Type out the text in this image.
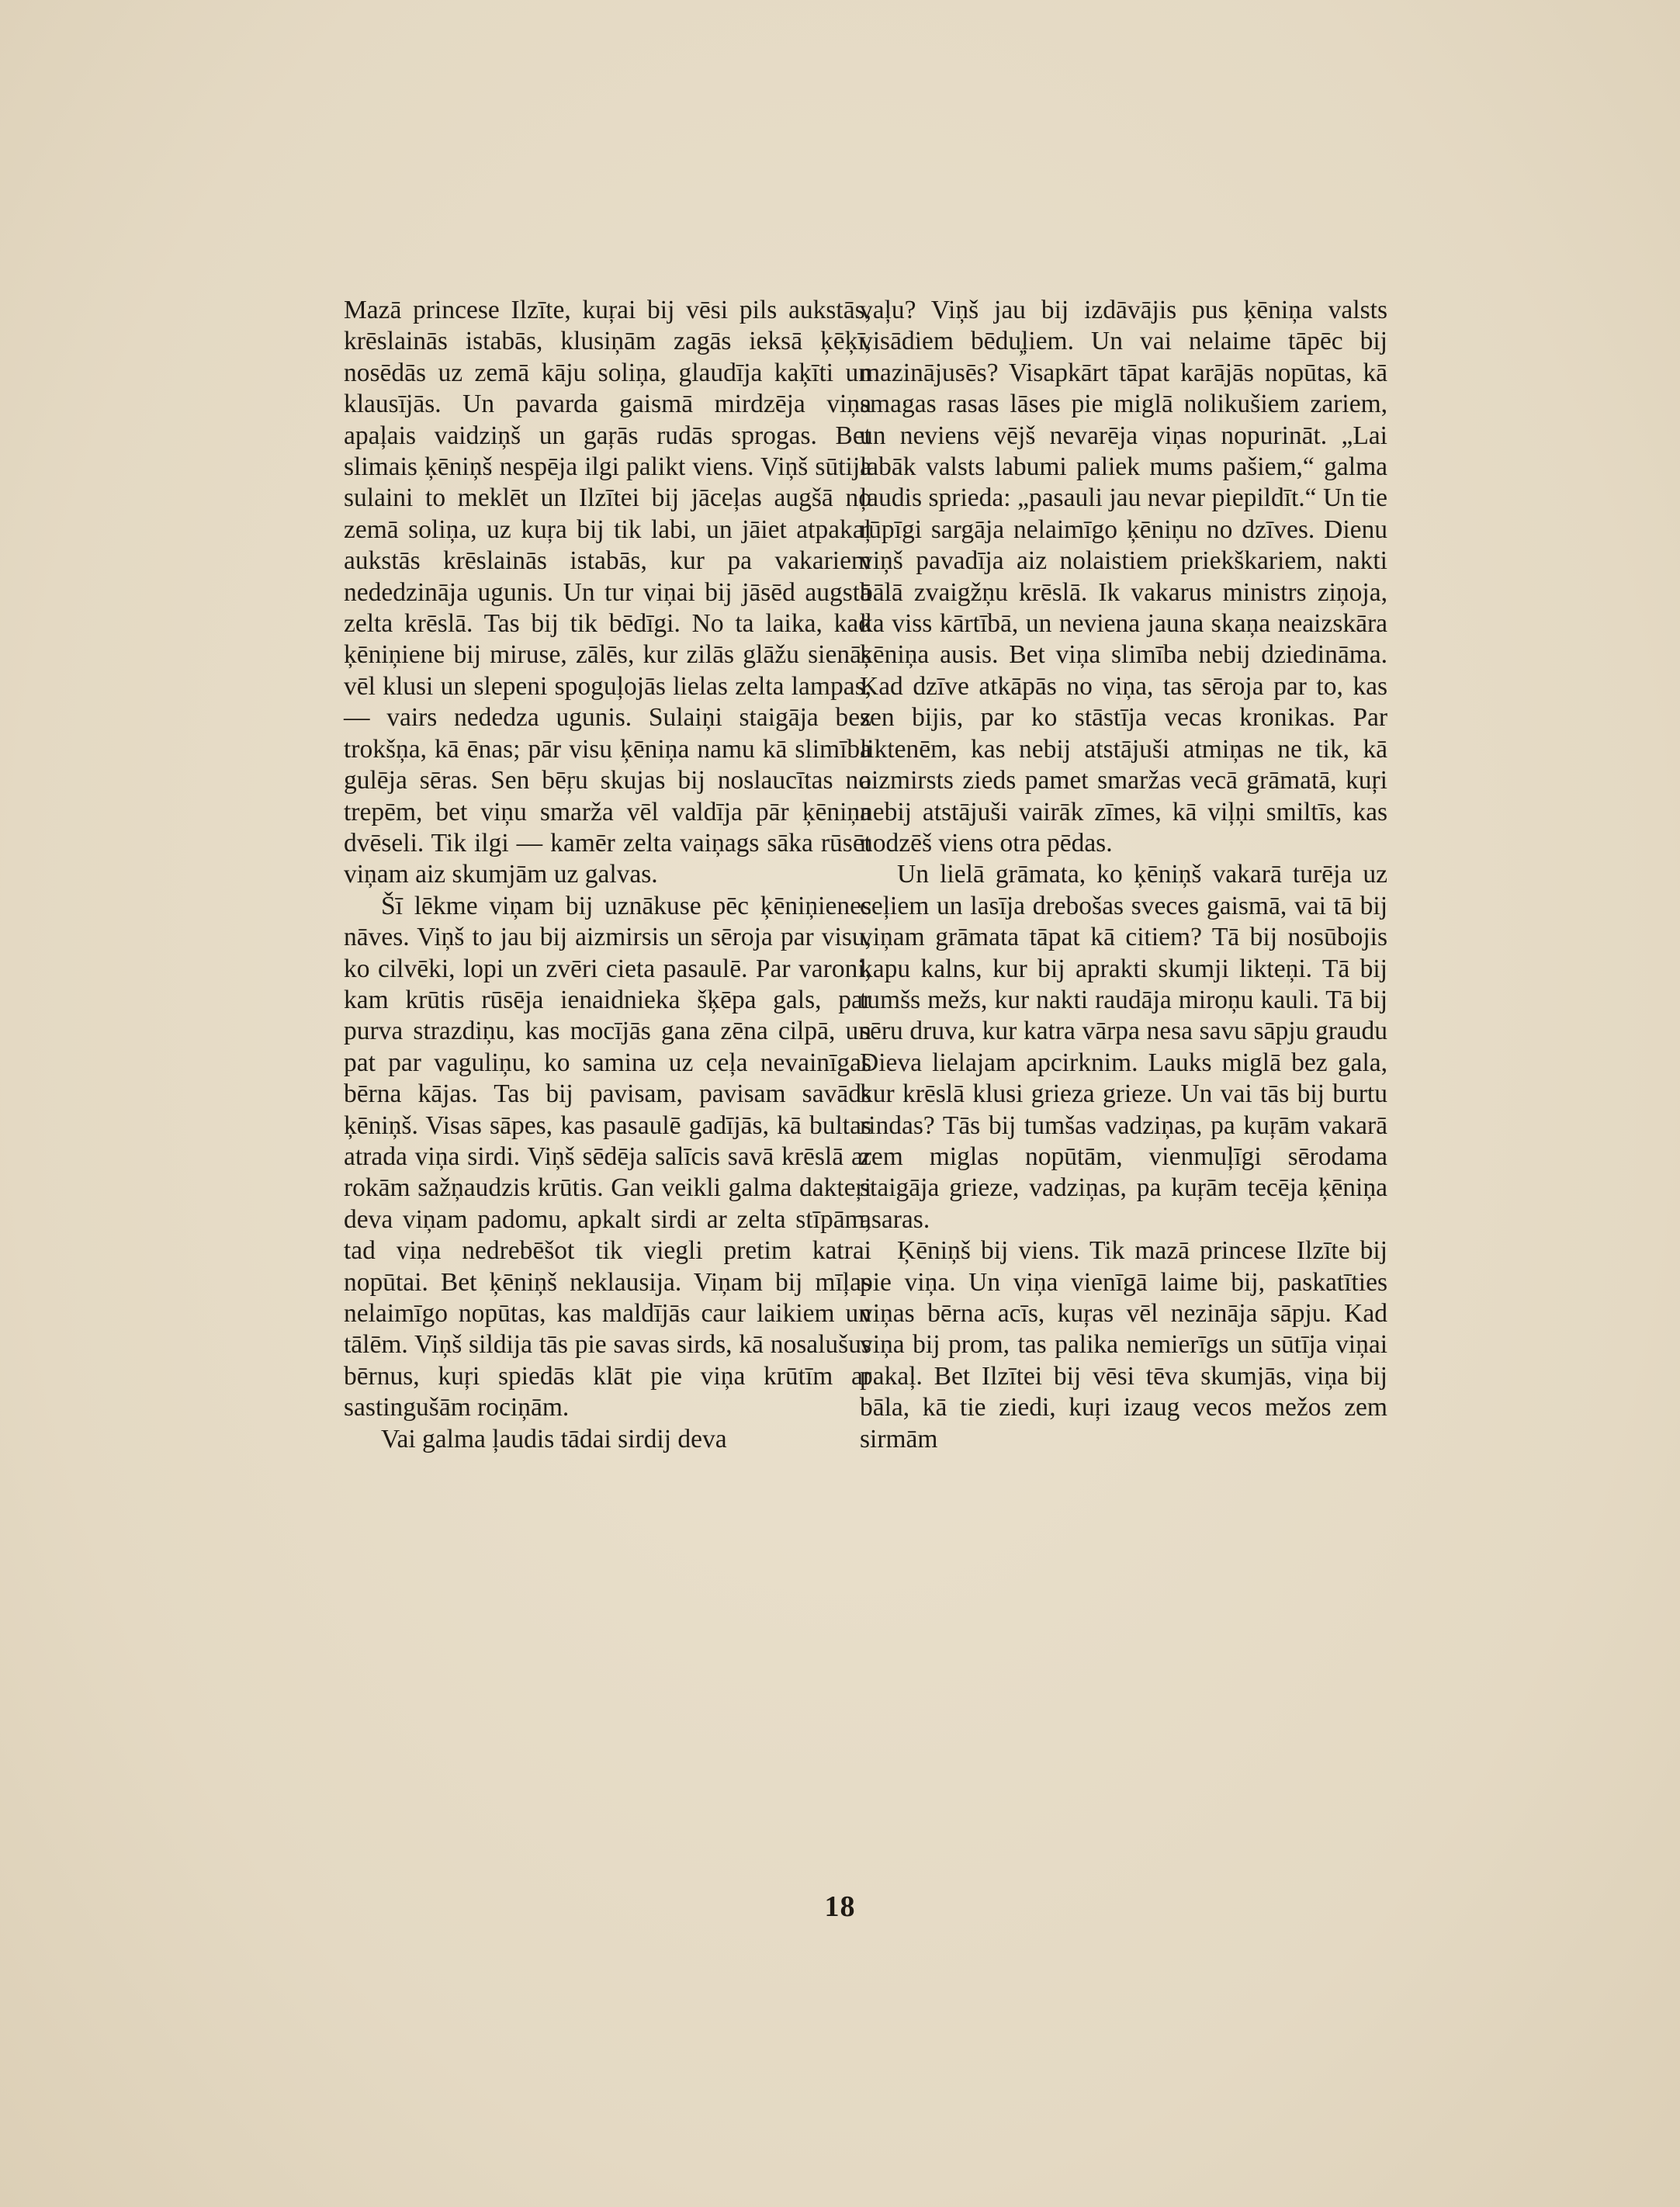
Mazā princese Ilzīte, kuŗai bij vēsi pils aukstās, krēslainās istabās, klusiņām zagās ieksā ķēķī, nosēdās uz zemā kāju soliņa, glaudīja kaķīti un klausījās. Un pavarda gaismā mirdzēja viņa apaļais vaidziņš un gaŗās rudās sprogas. Bet slimais ķēniņš nespēja ilgi palikt viens. Viņš sūtija sulaini to meklēt un Ilzītei bij jāceļas augšā no zemā soliņa, uz kuŗa bij tik labi, un jāiet atpakaļ aukstās krēslainās istabās, kur pa vakariem nededzināja ugunis. Un tur viņai bij jāsēd augstā zelta krēslā. Tas bij tik bēdīgi. No ta laika, kad ķēniņiene bij miruse, zālēs, kur zilās glāžu sienās vēl klusi un slepeni spoguļojās lielas zelta lampas, — vairs nededza ugunis. Sulaiņi staigāja bez trokšņa, kā ēnas; pār visu ķēniņa namu kā slimība gulēja sēras. Sen bēŗu skujas bij noslaucītas no trepēm, bet viņu smarža vēl valdīja pār ķēniņa dvēseli. Tik ilgi — kamēr zelta vaiņags sāka rūsēt viņam aiz skumjām uz galvas.

Šī lēkme viņam bij uznākuse pēc ķēniņienes nāves. Viņš to jau bij aizmirsis un sēroja par visu, ko cilvēki, lopi un zvēri cieta pasaulē. Par varoni, kam krūtis rūsēja ienaidnieka šķēpa gals, par purva strazdiņu, kas mocījās gana zēna cilpā, un pat par vaguliņu, ko samina uz ceļa nevainīgas bērna kājas. Tas bij pavisam, pavisam savāds ķēniņš. Visas sāpes, kas pasaulē gadījās, kā bultas atrada viņa sirdi. Viņš sēdēja salīcis savā krēslā ar rokām sažņaudzis krūtis. Gan veikli galma dakteŗi deva viņam padomu, apkalt sirdi ar zelta stīpām, tad viņa nedrebēšot tik viegli pretim katrai nopūtai. Bet ķēniņš neklausija. Viņam bij mīļas nelaimīgo nopūtas, kas maldījās caur laikiem un tālēm. Viņš sildija tās pie savas sirds, kā nosalušus bērnus, kuŗi spiedās klāt pie viņa krūtīm ar sastingušām rociņām.

Vai galma ļaudis tādai sirdij deva

vaļu? Viņš jau bij izdāvājis pus ķēniņa valsts visādiem bēdu̦ļiem. Un vai nelaime tāpēc bij mazinājusēs? Visapkārt tāpat karājās nopūtas, kā smagas rasas lāses pie miglā nolikušiem zariem, un neviens vējš nevarēja viņas nopurināt. „Lai labāk valsts labumi paliek mums pašiem,“ galma ļaudis sprieda: „pasauli jau nevar piepildīt.“ Un tie rūpīgi sargāja nelaimīgo ķēniņu no dzīves. Dienu viņš pavadīja aiz nolaistiem priekškariem, nakti bālā zvaigžņu krēslā. Ik vakarus ministrs ziņoja, ka viss kārtībā, un neviena jauna skaņa neaizskāra ķēniņa ausis. Bet viņa slimība nebij dziedināma. Kad dzīve atkāpās no viņa, tas sēroja par to, kas sen bijis, par ko stāstīja vecas kronikas. Par liktenēm, kas nebij atstājuši atmiņas ne tik, kā aizmirsts zieds pamet smaržas vecā grāmatā, kuŗi nebij atstājuši vairāk zīmes, kā viļņi smiltīs, kas nodzēš viens otra pēdas.

Un lielā grāmata, ko ķēniņš vakarā turēja uz ceļiem un lasīja drebošas sveces gaismā, vai tā bij viņam grāmata tāpat kā citiem? Tā bij nosūbojis kapu kalns, kur bij aprakti skumji likteņi. Tā bij tumšs mežs, kur nakti raudāja miroņu kauli. Tā bij sēru druva, kur katra vārpa nesa savu sāpju graudu Dieva lielajam apcirknim. Lauks miglā bez gala, kur krēslā klusi grieza grieze. Un vai tās bij burtu rindas? Tās bij tumšas vadziņas, pa kuŗām vakarā zem miglas nopūtām, vienmuļīgi sērodama staigāja grieze, vadziņas, pa kuŗām tecēja ķēniņa asaras.

Ķēniņš bij viens. Tik mazā princese Ilzīte bij pie viņa. Un viņa vienīgā laime bij, paskatīties viņas bērna acīs, kuŗas vēl nezināja sāpju. Kad viņa bij prom, tas palika nemierīgs un sūtīja viņai pakaļ. Bet Ilzītei bij vēsi tēva skumjās, viņa bij bāla, kā tie ziedi, kuŗi izaug vecos mežos zem sirmām

18
